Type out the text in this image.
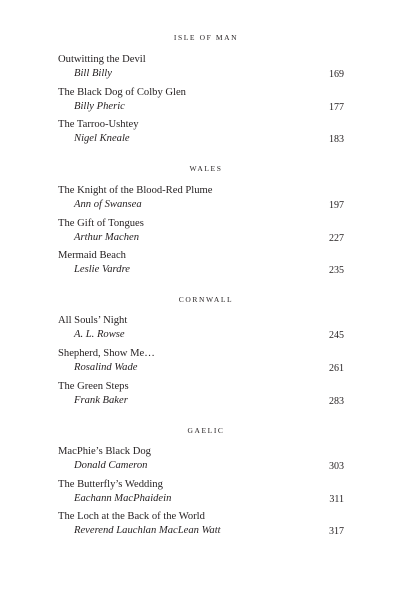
ISLE OF MAN
Outwitting the Devil
Bill Billy	169
The Black Dog of Colby Glen
Billy Pheric	177
The Tarroo-Ushtey
Nigel Kneale	183
WALES
The Knight of the Blood-Red Plume
Ann of Swansea	197
The Gift of Tongues
Arthur Machen	227
Mermaid Beach
Leslie Vardre	235
CORNWALL
All Souls’ Night
A. L. Rowse	245
Shepherd, Show Me…
Rosalind Wade	261
The Green Steps
Frank Baker	283
GAELIC
MacPhie’s Black Dog
Donald Cameron	303
The Butterfly’s Wedding
Eachann MacPhaidein	311
The Loch at the Back of the World
Reverend Lauchlan MacLean Watt	317
